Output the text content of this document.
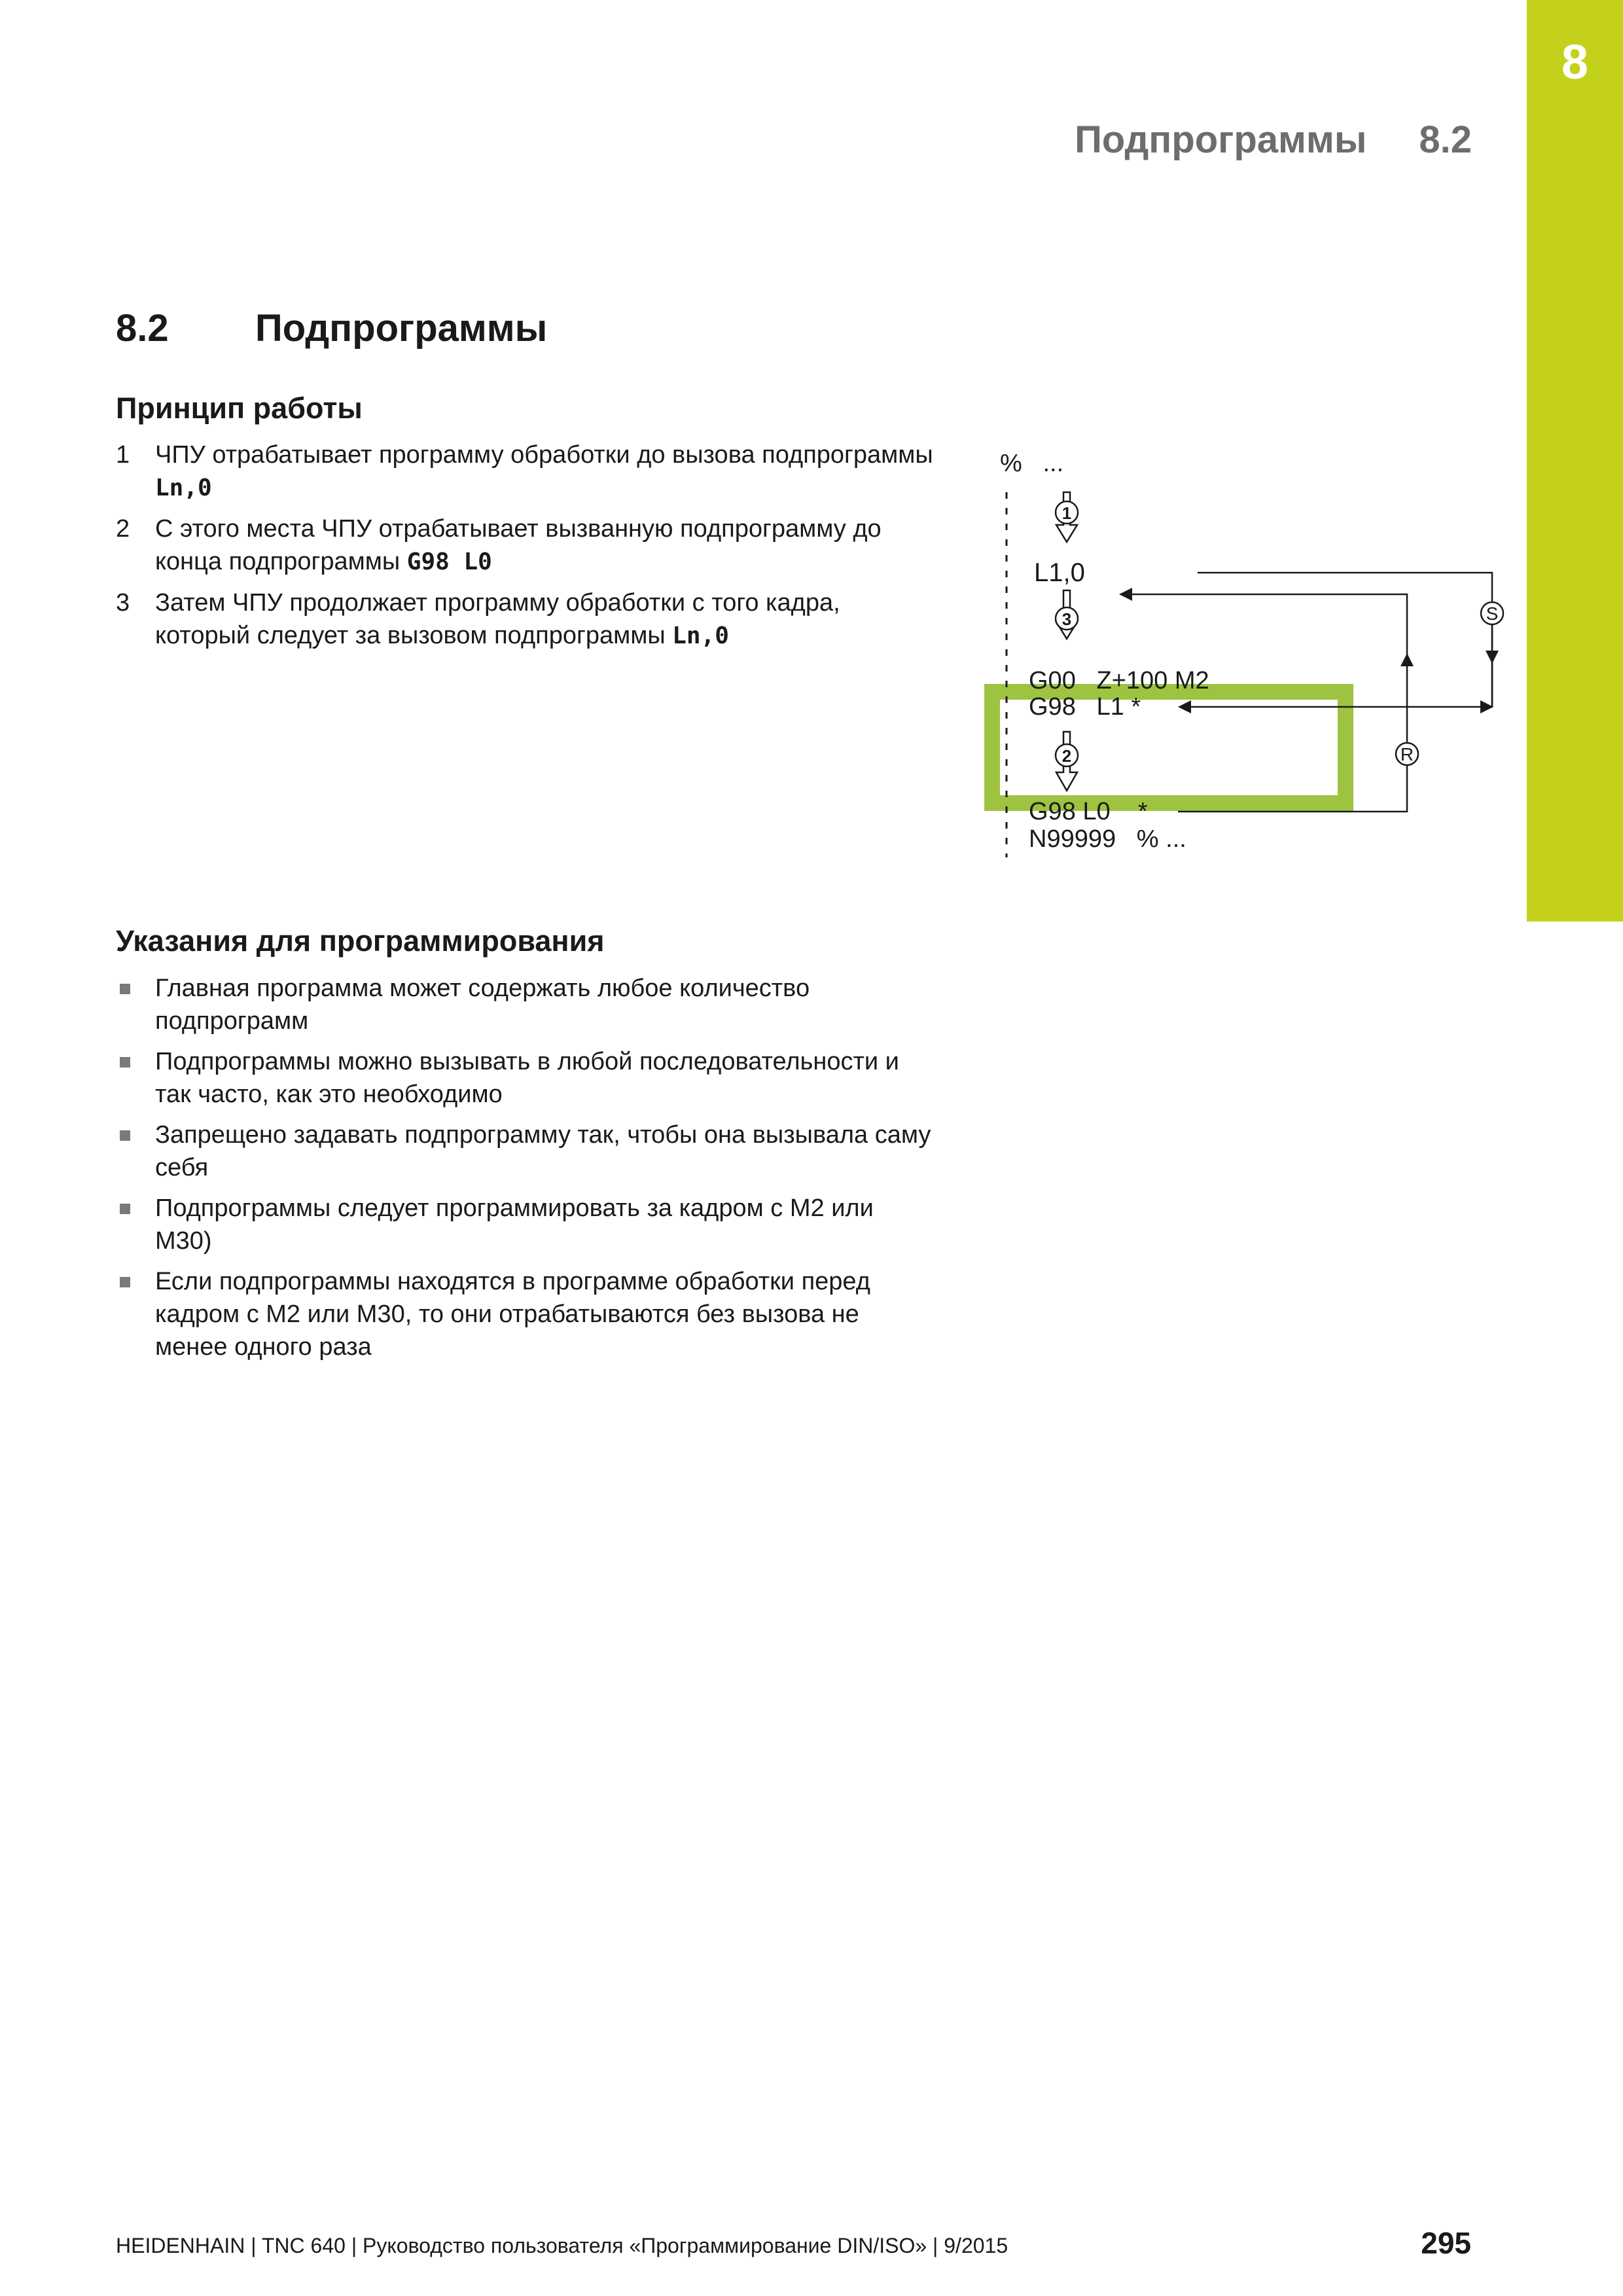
8
Подпрограммы 8.2
8.2 Подпрограммы
Принцип работы
1 ЧПУ отрабатывает программу обработки до вызова подпрограммы Ln,0
2 С этого места ЧПУ отрабатывает вызванную подпрограмму до конца подпрограммы G98 L0
3 Затем ЧПУ продолжает программу обработки с того кадра, который следует за вызовом подпрограммы Ln,0
1
3
2
%   ...
L1,0
G00   Z+100 M2
G98   L1 *
G98 L0    *
N99999   % ...
S
R
Указания для программирования
Главная программа может содержать любое количество подпрограмм
Подпрограммы можно вызывать в любой последовательности и так часто, как это необходимо
Запрещено задавать подпрограмму так, чтобы она вызывала саму себя
Подпрограммы следует программировать за кадром с M2 или M30)
Если подпрограммы находятся в программе обработки перед кадром с M2 или M30, то они отрабатываются без вызова не менее одного раза
HEIDENHAIN | TNC 640 | Руководство пользователя «Программирование DIN/ISO» | 9/2015	295
